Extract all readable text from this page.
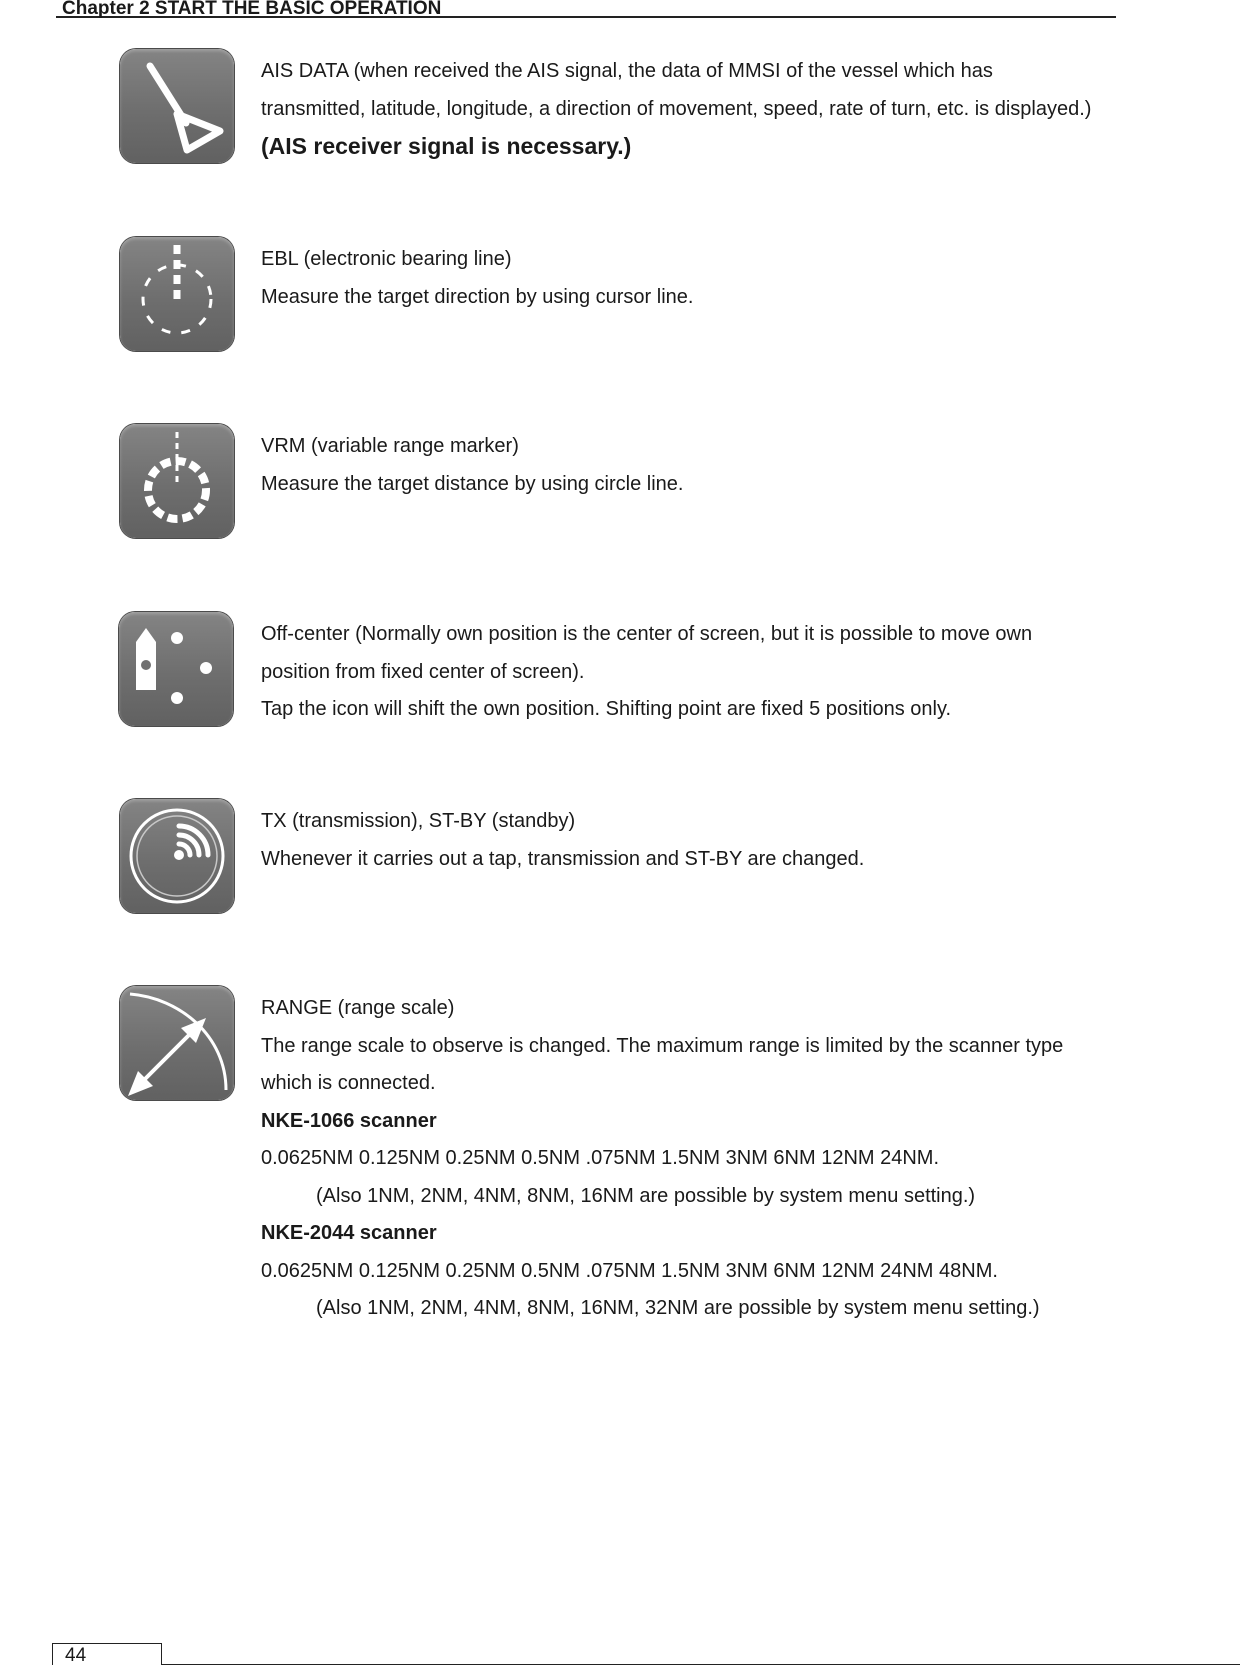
Chapter 2 START THE BASIC OPERATION
AIS DATA (when received the AIS signal, the data of MMSI of the vessel which has
transmitted, latitude, longitude, a direction of movement, speed, rate of turn, etc. is displayed.)
(AIS receiver signal is necessary.)
EBL (electronic bearing line)
Measure the target direction by using cursor line.
VRM (variable range marker)
Measure the target distance by using circle line.
Off-center (Normally own position is the center of screen, but it is possible to move own
position from fixed center of screen).
Tap the icon will shift the own position. Shifting point are fixed 5 positions only.
TX (transmission), ST-BY (standby)
Whenever it carries out a tap, transmission and ST-BY are changed.
RANGE (range scale)
The range scale to observe is changed. The maximum range is limited by the scanner type
which is connected.
NKE-1066 scanner
0.0625NM 0.125NM 0.25NM 0.5NM .075NM 1.5NM 3NM 6NM 12NM 24NM.
(Also 1NM, 2NM, 4NM, 8NM, 16NM are possible by system menu setting.)
NKE-2044 scanner
0.0625NM 0.125NM 0.25NM 0.5NM .075NM 1.5NM 3NM 6NM 12NM 24NM 48NM.
(Also 1NM, 2NM, 4NM, 8NM, 16NM, 32NM are possible by system menu setting.)
44
